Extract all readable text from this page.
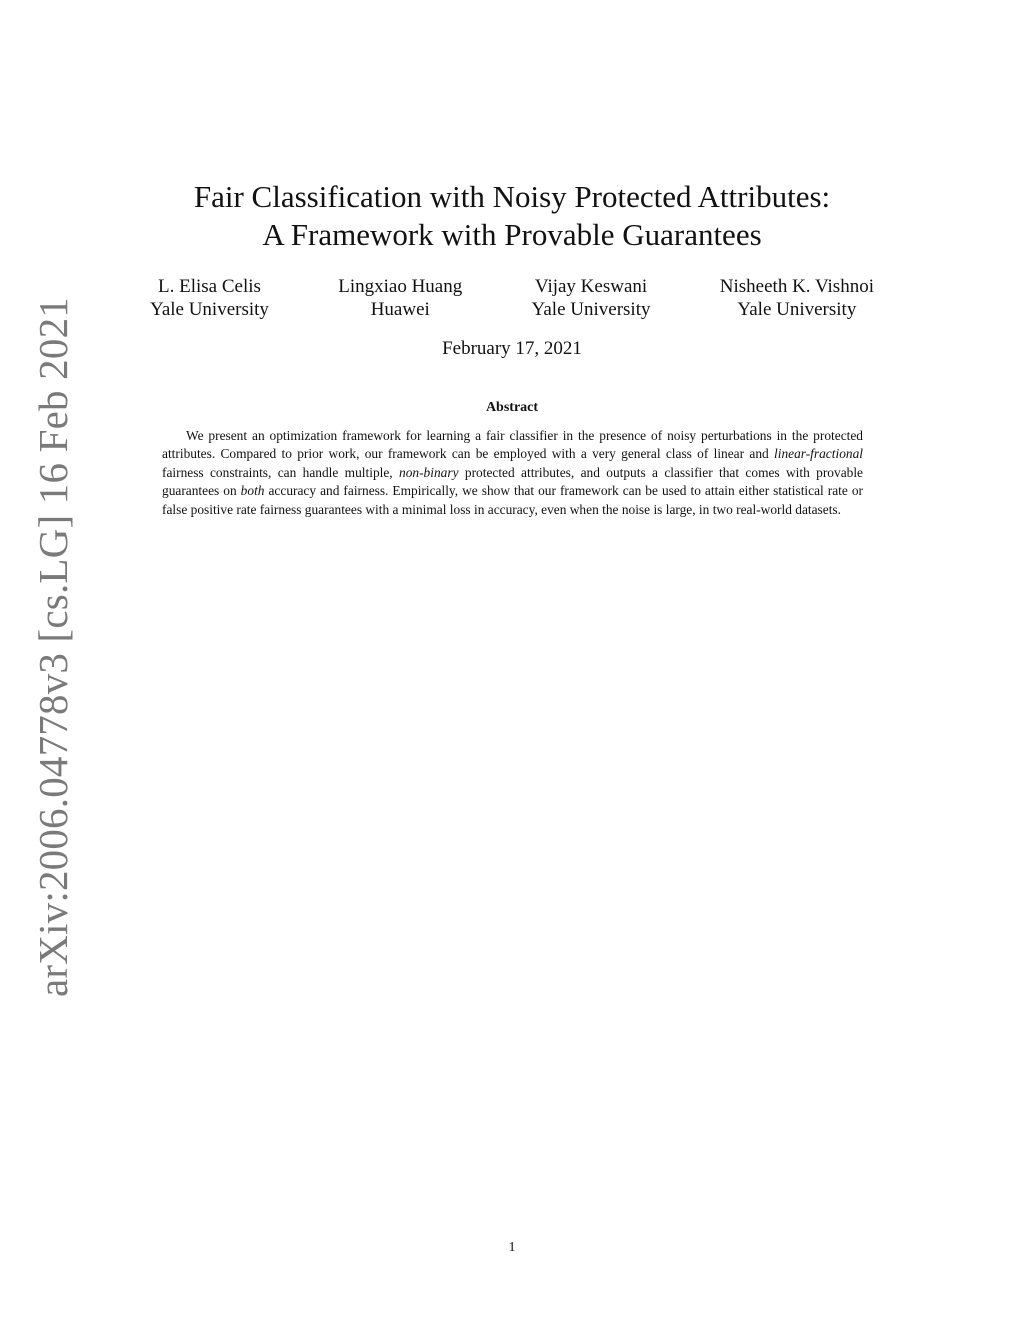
arXiv:2006.04778v3 [cs.LG] 16 Feb 2021
Fair Classification with Noisy Protected Attributes:
A Framework with Provable Guarantees
L. Elisa Celis
Yale University
Lingxiao Huang
Huawei
Vijay Keswani
Yale University
Nisheeth K. Vishnoi
Yale University
February 17, 2021
Abstract
We present an optimization framework for learning a fair classifier in the presence of noisy perturbations in the protected attributes. Compared to prior work, our framework can be employed with a very general class of linear and linear-fractional fairness constraints, can handle multiple, non-binary protected attributes, and outputs a classifier that comes with provable guarantees on both accuracy and fairness. Empirically, we show that our framework can be used to attain either statistical rate or false positive rate fairness guarantees with a minimal loss in accuracy, even when the noise is large, in two real-world datasets.
1
